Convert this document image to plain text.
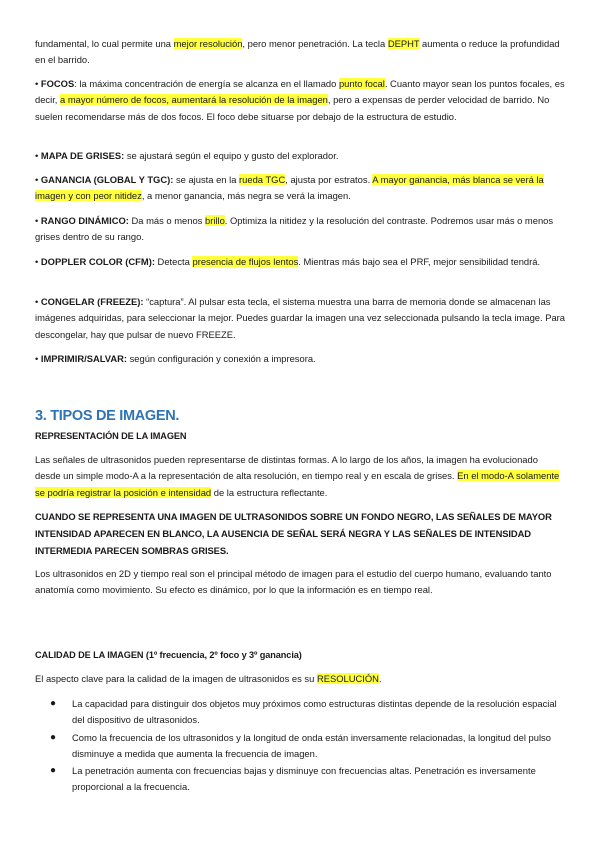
fundamental, lo cual permite una mejor resolución, pero menor penetración. La tecla DEPHT aumenta o reduce la profundidad en el barrido.

• FOCOS: la máxima concentración de energía se alcanza en el llamado punto focal. Cuanto mayor sean los puntos focales, es decir, a mayor número de focos, aumentará la resolución de la imagen, pero a expensas de perder velocidad de barrido. No suelen recomendarse más de dos focos. El foco debe situarse por debajo de la estructura de estudio.

• MAPA DE GRISES: se ajustará según el equipo y gusto del explorador.

• GANANCIA (GLOBAL Y TGC): se ajusta en la rueda TGC, ajusta por estratos. A mayor ganancia, más blanca se verá la imagen y con peor nitidez, a menor ganancia, más negra se verá la imagen.

• RANGO DINÁMICO: Da más o menos brillo. Optimiza la nitidez y la resolución del contraste. Podremos usar más o menos grises dentro de su rango.

• DOPPLER COLOR (CFM): Detecta presencia de flujos lentos. Mientras más bajo sea el PRF, mejor sensibilidad tendrá.

• CONGELAR (FREEZE): “captura”. Al pulsar esta tecla, el sistema muestra una barra de memoria donde se almacenan las imágenes adquiridas, para seleccionar la mejor. Puedes guardar la imagen una vez seleccionada pulsando la tecla image. Para descongelar, hay que pulsar de nuevo FREEZE.

• IMPRIMIR/SALVAR: según configuración y conexión a impresora.

3. TIPOS DE IMAGEN.
REPRESENTACIÓN DE LA IMAGEN

Las señales de ultrasonidos pueden representarse de distintas formas. A lo largo de los años, la imagen ha evolucionado desde un simple modo-A a la representación de alta resolución, en tiempo real y en escala de grises. En el modo-A solamente se podría registrar la posición e intensidad de la estructura reflectante.

CUANDO SE REPRESENTA UNA IMAGEN DE ULTRASONIDOS SOBRE UN FONDO NEGRO, LAS SEÑALES DE MAYOR INTENSIDAD APARECEN EN BLANCO, LA AUSENCIA DE SEÑAL SERÁ NEGRA Y LAS SEÑALES DE INTENSIDAD INTERMEDIA PARECEN SOMBRAS GRISES.

Los ultrasonidos en 2D y tiempo real son el principal método de imagen para el estudio del cuerpo humano, evaluando tanto anatomía como movimiento. Su efecto es dinámico, por lo que la información es en tiempo real.

CALIDAD DE LA IMAGEN (1º frecuencia, 2º foco y 3º ganancia)

El aspecto clave para la calidad de la imagen de ultrasonidos es su RESOLUCIÓN.

● La capacidad para distinguir dos objetos muy próximos como estructuras distintas depende de la resolución espacial del dispositivo de ultrasonidos.
● Como la frecuencia de los ultrasonidos y la longitud de onda están inversamente relacionadas, la longitud del pulso disminuye a medida que aumenta la frecuencia de imagen.
● La penetración aumenta con frecuencias bajas y disminuye con frecuencias altas. Penetración es inversamente proporcional a la frecuencia.
